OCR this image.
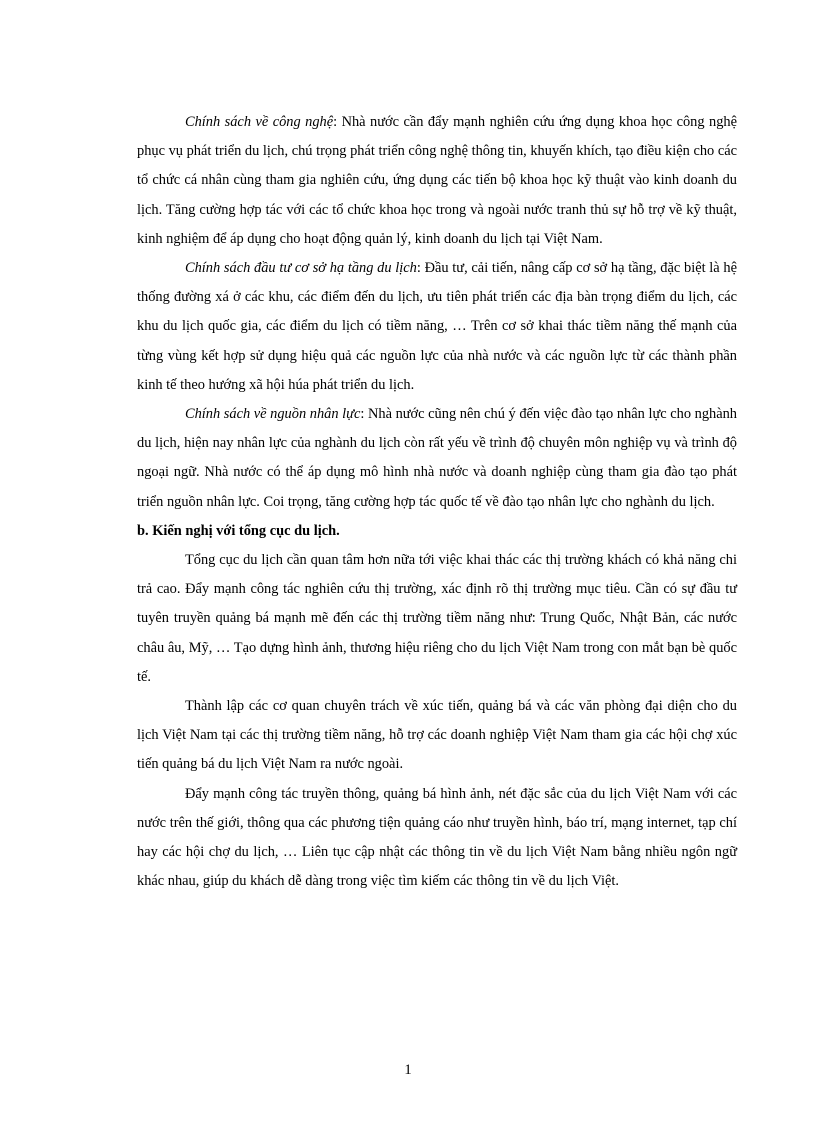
Chính sách về công nghệ: Nhà nước cần đẩy mạnh nghiên cứu ứng dụng khoa học công nghệ phục vụ phát triển du lịch, chú trọng phát triển công nghệ thông tin, khuyến khích, tạo điều kiện cho các tổ chức cá nhân cùng tham gia nghiên cứu, ứng dụng các tiến bộ khoa học kỹ thuật vào kinh doanh du lịch. Tăng cường hợp tác với các tổ chức khoa học trong và ngoài nước tranh thủ sự hỗ trợ về kỹ thuật, kinh nghiệm để áp dụng cho hoạt động quản lý, kinh doanh du lịch tại Việt Nam.

Chính sách đầu tư cơ sở hạ tầng du lịch: Đầu tư, cải tiến, nâng cấp cơ sở hạ tầng, đặc biệt là hệ thống đường xá ở các khu, các điểm đến du lịch, ưu tiên phát triển các địa bàn trọng điểm du lịch, các khu du lịch quốc gia, các điểm du lịch có tiềm năng, … Trên cơ sở khai thác tiềm năng thế mạnh của từng vùng kết hợp sử dụng hiệu quả các nguồn lực của nhà nước và các nguồn lực từ các thành phần kinh tế theo hướng xã hội húa phát triển du lịch.

Chính sách về nguồn nhân lực: Nhà nước cũng nên chú ý đến việc đào tạo nhân lực cho nghành du lịch, hiện nay nhân lực của nghành du lịch còn rất yếu về trình độ chuyên môn nghiệp vụ và trình độ ngoại ngữ. Nhà nước có thể áp dụng mô hình nhà nước và doanh nghiệp cùng tham gia đào tạo phát triển nguồn nhân lực. Coi trọng, tăng cường hợp tác quốc tế về đào tạo nhân lực cho nghành du lịch.

b. Kiến nghị với tổng cục du lịch.

Tổng cục du lịch cần quan tâm hơn nữa tới việc khai thác các thị trường khách có khả năng chi trả cao. Đẩy mạnh công tác nghiên cứu thị trường, xác định rõ thị trường mục tiêu. Cần có sự đầu tư tuyên truyền quảng bá mạnh mẽ đến các thị trường tiềm năng như: Trung Quốc, Nhật Bản, các nước châu âu, Mỹ, … Tạo dựng hình ảnh, thương hiệu riêng cho du lịch Việt Nam trong con mắt bạn bè quốc tế.

Thành lập các cơ quan chuyên trách về xúc tiến, quảng bá và các văn phòng đại diện cho du lịch Việt Nam tại các thị trường tiềm năng, hỗ trợ các doanh nghiệp Việt Nam tham gia các hội chợ xúc tiến quảng bá du lịch Việt Nam ra nước ngoài.

Đẩy mạnh công tác truyền thông, quảng bá hình ảnh, nét đặc sắc của du lịch Việt Nam với các nước trên thế giới, thông qua các phương tiện quảng cáo như truyền hình, báo trí, mạng internet, tạp chí hay các hội chợ du lịch, … Liên tục cập nhật các thông tin về du lịch Việt Nam bằng nhiều ngôn ngữ khác nhau, giúp du khách dễ dàng trong việc tìm kiếm các thông tin về du lịch Việt.

1
